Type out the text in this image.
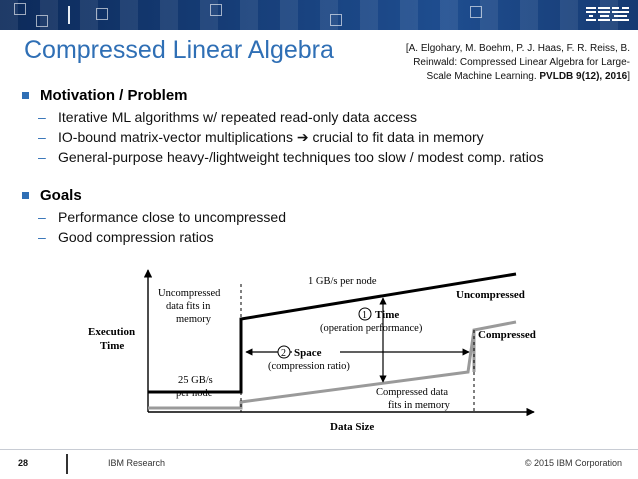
IBM
Compressed Linear Algebra	[A. Elgohary, M. Boehm, P. J. Haas, F. R. Reiss, B.
Reinwald: Compressed Linear Algebra for Large-
Scale Machine Learning. PVLDB 9(12), 2016]
Motivation / Problem
– Iterative ML algorithms w/ repeated read-only data access
– IO-bound matrix-vector multiplications ➔ crucial to fit data in memory
– General-purpose heavy-/lightweight techniques too slow / modest comp. ratios
Goals
– Performance close to uncompressed
– Good compression ratios
Execution
Time
Data Size
Uncompressed
data fits in
memory
1 GB/s per node
Uncompressed
Compressed
1 Time
(operation performance)
2 Space
(compression ratio)
25 GB/s
per node	Compressed data
fits in memory
28	IBM Research	© 2015 IBM Corporation
